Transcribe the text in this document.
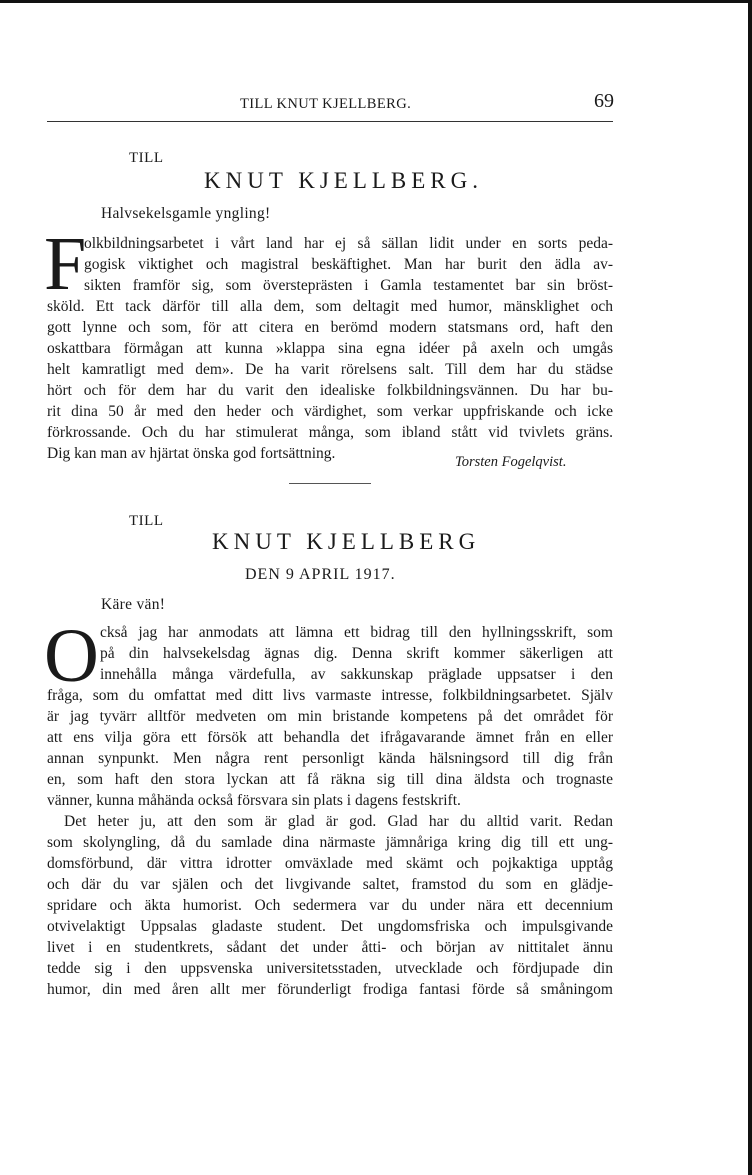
TILL KNUT KJELLBERG.	69
TILL
KNUT KJELLBERG.
Halvsekelsgamle yngling!
F
olkbildningsarbetet i vårt land har ej så sällan lidit under en sorts peda-
gogisk viktighet och magistral beskäftighet. Man har burit den ädla av-
sikten framför sig, som översteprästen i Gamla testamentet bar sin bröst-
sköld. Ett tack därför till alla dem, som deltagit med humor, mänsklighet och
gott lynne och som, för att citera en berömd modern statsmans ord, haft den
oskattbara förmågan att kunna »klappa sina egna idéer på axeln och umgås
helt kamratligt med dem». De ha varit rörelsens salt. Till dem har du städse
hört och för dem har du varit den idealiske folkbildningsvännen. Du har bu-
rit dina 50 år med den heder och värdighet, som verkar uppfriskande och icke
förkrossande. Och du har stimulerat många, som ibland stått vid tvivlets gräns.
Dig kan man av hjärtat önska god fortsättning.	Torsten Fogelqvist.
TILL
KNUT KJELLBERG
DEN 9 APRIL 1917.
Käre vän!
O ckså jag har anmodats att lämna ett bidrag till den hyllningsskrift, som
på din halvsekelsdag ägnas dig. Denna skrift kommer säkerligen att
innehålla många värdefulla, av sakkunskap präglade uppsatser i den
fråga, som du omfattat med ditt livs varmaste intresse, folkbildningsarbetet. Själv
är jag tyvärr alltför medveten om min bristande kompetens på det området för
att ens vilja göra ett försök att behandla det ifrågavarande ämnet från en eller
annan synpunkt. Men några rent personligt kända hälsningsord till dig från
en, som haft den stora lyckan att få räkna sig till dina äldsta och trognaste
vänner, kunna måhända också försvara sin plats i dagens festskrift.
Det heter ju, att den som är glad är god. Glad har du alltid varit. Redan
som skolyngling, då du samlade dina närmaste jämnåriga kring dig till ett ung-
domsförbund, där vittra idrotter omväxlade med skämt och pojkaktiga upptåg
och där du var själen och det livgivande saltet, framstod du som en glädje-
spridare och äkta humorist. Och sedermera var du under nära ett decennium
otvivelaktigt Uppsalas gladaste student. Det ungdomsfriska och impulsgivande
livet i en studentkrets, sådant det under åtti- och början av nittitalet ännu
tedde sig i den uppsvenska universitetsstaden, utvecklade och fördjupade din
humor, din med åren allt mer förunderligt frodiga fantasi förde så småningom
